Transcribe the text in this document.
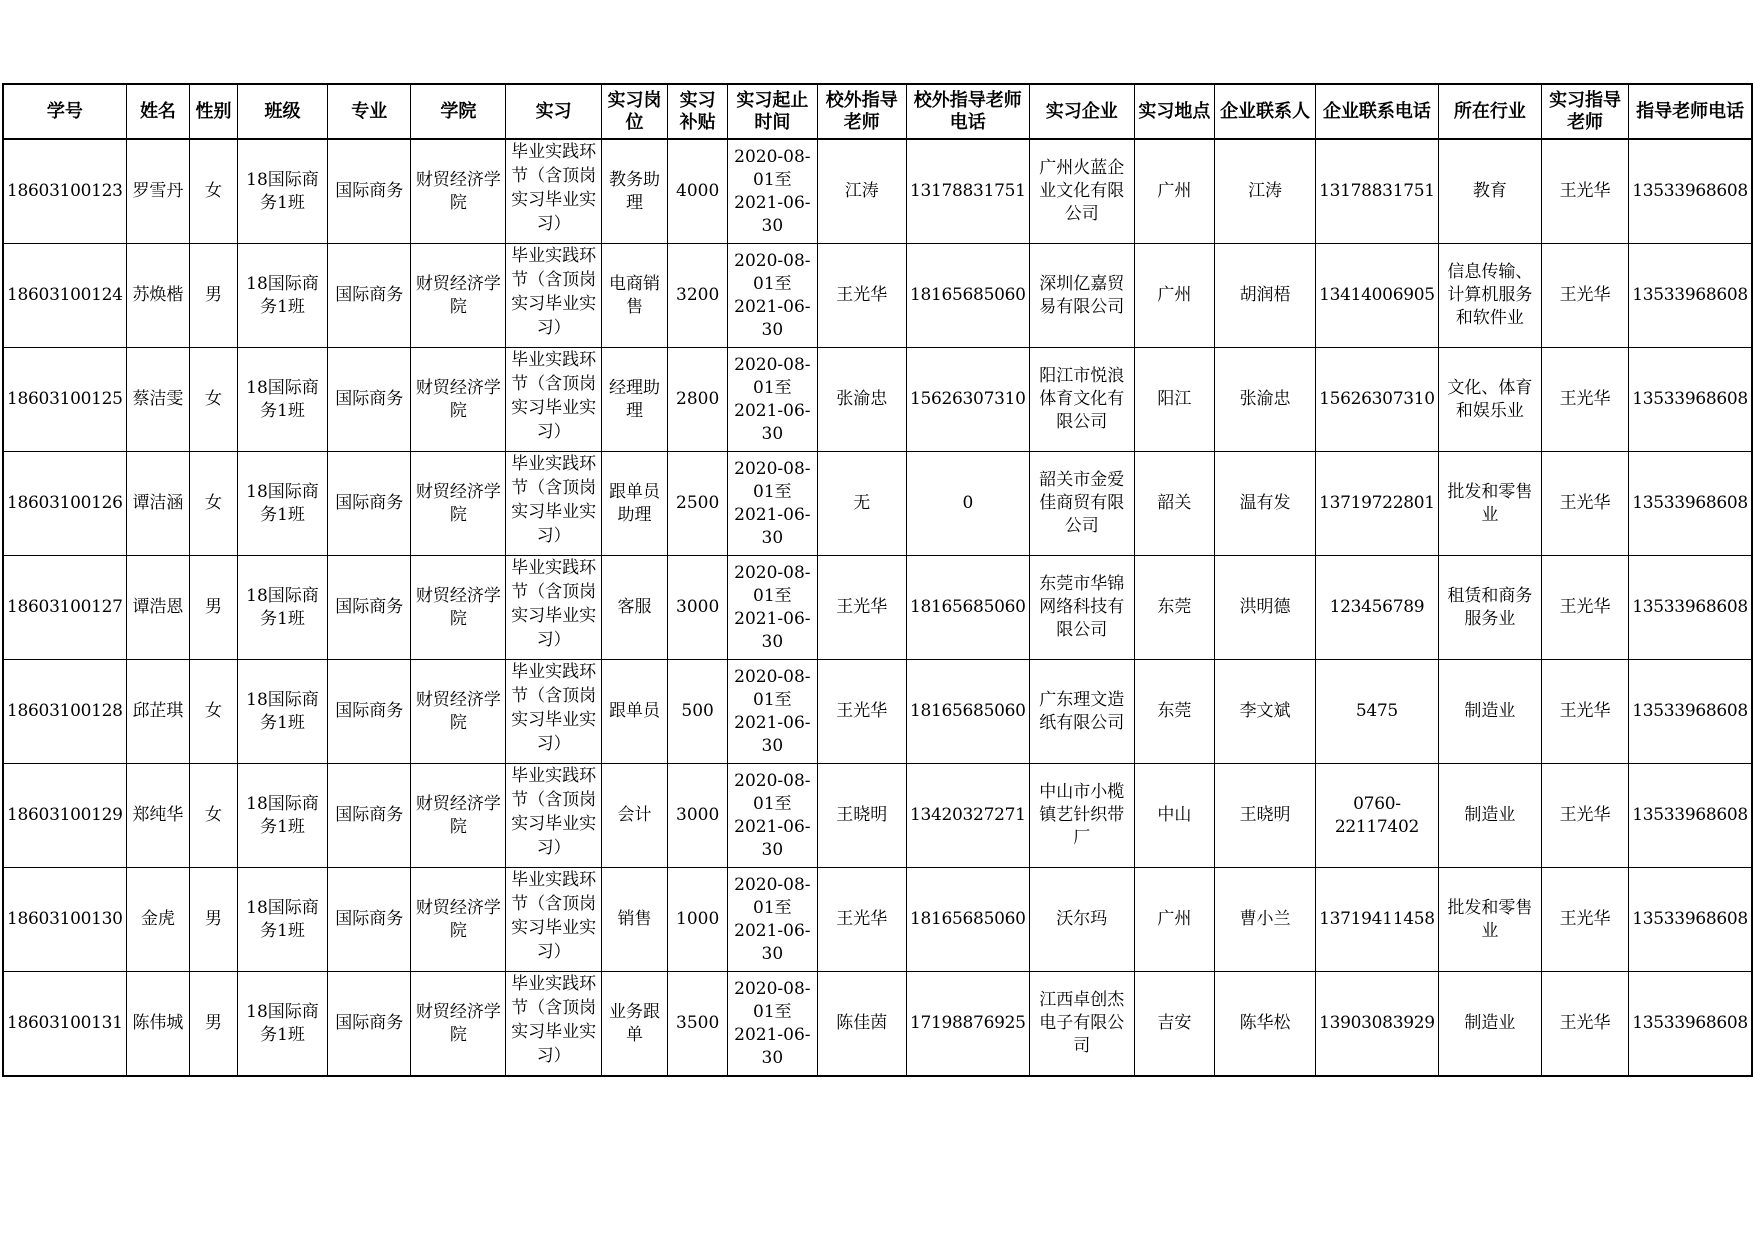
学号	姓名	性别	班级	专业	学院	实习	实习岗位	实习补贴	实习起止时间	校外指导老师	校外指导老师电话	实习企业	实习地点	企业联系人	企业联系电话	所在行业	实习指导老师	指导老师电话
18603100123	罗雪丹	女	18国际商务1班	国际商务	财贸经济学院	毕业实践环节（含顶岗实习毕业实习）	教务助理	4000	2020-08-01至2021-06-30	江涛	13178831751	广州火蓝企业文化有限公司	广州	江涛	13178831751	教育	王光华	13533968608
18603100124	苏焕楷	男	18国际商务1班	国际商务	财贸经济学院	毕业实践环节（含顶岗实习毕业实习）	电商销售	3200	2020-08-01至2021-06-30	王光华	18165685060	深圳亿嘉贸易有限公司	广州	胡润梧	13414006905	信息传输、计算机服务和软件业	王光华	13533968608
18603100125	蔡洁雯	女	18国际商务1班	国际商务	财贸经济学院	毕业实践环节（含顶岗实习毕业实习）	经理助理	2800	2020-08-01至2021-06-30	张渝忠	15626307310	阳江市悦浪体育文化有限公司	阳江	张渝忠	15626307310	文化、体育和娱乐业	王光华	13533968608
18603100126	谭洁涵	女	18国际商务1班	国际商务	财贸经济学院	毕业实践环节（含顶岗实习毕业实习）	跟单员助理	2500	2020-08-01至2021-06-30	无	0	韶关市金爱佳商贸有限公司	韶关	温有发	13719722801	批发和零售业	王光华	13533968608
18603100127	谭浩恩	男	18国际商务1班	国际商务	财贸经济学院	毕业实践环节（含顶岗实习毕业实习）	客服	3000	2020-08-01至2021-06-30	王光华	18165685060	东莞市华锦网络科技有限公司	东莞	洪明德	123456789	租赁和商务服务业	王光华	13533968608
18603100128	邱芷琪	女	18国际商务1班	国际商务	财贸经济学院	毕业实践环节（含顶岗实习毕业实习）	跟单员	500	2020-08-01至2021-06-30	王光华	18165685060	广东理文造纸有限公司	东莞	李文斌	5475	制造业	王光华	13533968608
18603100129	郑纯华	女	18国际商务1班	国际商务	财贸经济学院	毕业实践环节（含顶岗实习毕业实习）	会计	3000	2020-08-01至2021-06-30	王晓明	13420327271	中山市小榄镇艺针织带厂	中山	王晓明	0760-22117402	制造业	王光华	13533968608
18603100130	金虎	男	18国际商务1班	国际商务	财贸经济学院	毕业实践环节（含顶岗实习毕业实习）	销售	1000	2020-08-01至2021-06-30	王光华	18165685060	沃尔玛	广州	曹小兰	13719411458	批发和零售业	王光华	13533968608
18603100131	陈伟城	男	18国际商务1班	国际商务	财贸经济学院	毕业实践环节（含顶岗实习毕业实习）	业务跟单	3500	2020-08-01至2021-06-30	陈佳茵	17198876925	江西卓创杰电子有限公司	吉安	陈华松	13903083929	制造业	王光华	13533968608
